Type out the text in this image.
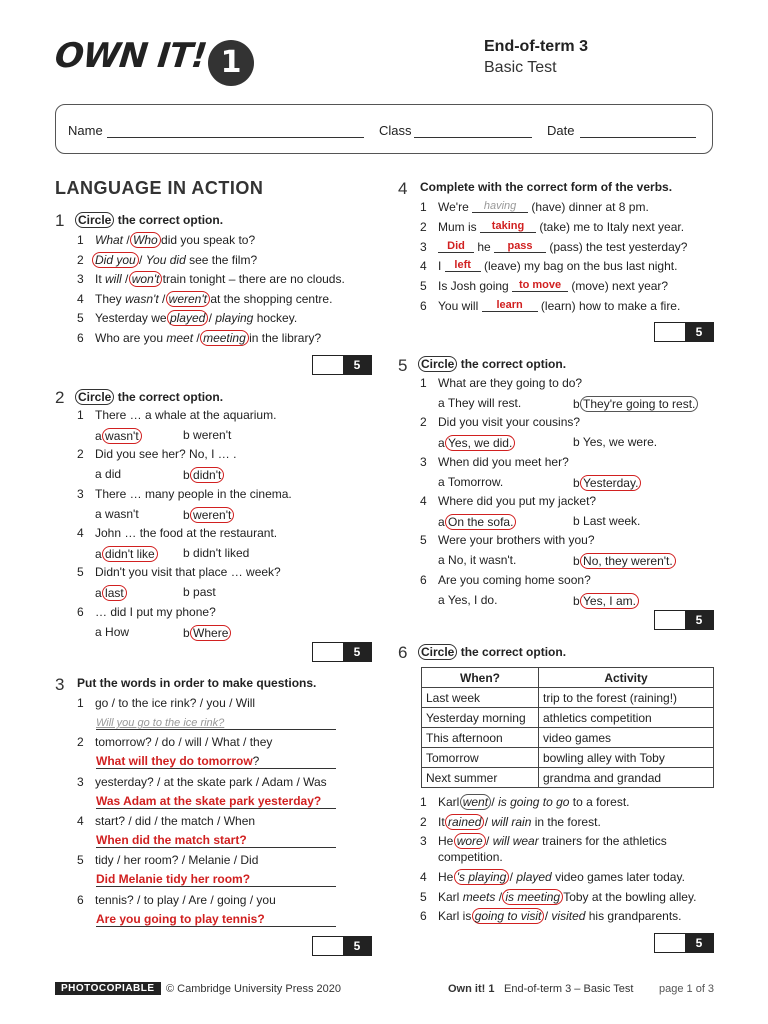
OWN IT! 1	End-of-term 3
Basic Test
Name	Class	Date
LANGUAGE IN ACTION
1 Circle the correct option.
5
2 Circle the correct option.
5
3 Put the words in order to make questions.
5
4 Complete with the correct form of the verbs.
5
5 Circle the correct option.
5
6 Circle the correct option.
When?	Activity
Last week	trip to the forest (raining!)
Yesterday morning	athletics competition
This afternoon	video games
Tomorrow	bowling alley with Toby
Next summer	grandma and grandad
5
PHOTOCOPIABLE	© Cambridge University Press 2020	Own it! 1 End-of-term 3 – Basic Test page 1 of 3
1 What / Who did you speak to?
2 Did you / You did see the film?
3 It will / won't train tonight – there are no clouds.
4 They wasn't / weren't at the shopping centre.
5 Yesterday we played / playing hockey.
6 Who are you meet / meeting in the library?
1 There … a whale at the aquarium.
a wasn't	b weren't
2 Did you see her? No, I … .
a did	b didn't
3 There … many people in the cinema.
a wasn't	b weren't
4 John … the food at the restaurant.
a didn't like b didn't liked
5 Didn't you visit that place … week?
a last	b past
6 … did I put my phone?
a How	b Where
1 What are they going to do?
a They will rest.	b They're going to rest.
2 Did you visit your cousins?
a Yes, we did.	b Yes, we were.
3 When did you meet her?
a Tomorrow.	b Yesterday.
4 Where did you put my jacket?
a On the sofa.	b Last week.
5 Were your brothers with you?
a No, it wasn't.	b No, they weren't.
6 Are you coming home soon?
a Yes, I do.	b Yes, I am.
1 go / to the ice rink? / you / Will
Will you go to the ice rink?
2 tomorrow? / do / will / What / they
What will they do tomorrow?
3 yesterday? / at the skate park / Adam / Was
Was Adam at the skate park yesterday?
4 start? / did / the match / When
When did the match start?
5 tidy / her room? / Melanie / Did
Did Melanie tidy her room?
6 tennis? / to play / Are / going / you
Are you going to play tennis?
1 We're having (have) dinner at 8 pm.
2 Mum is taking (take) me to Italy next year.
3 Did he pass (pass) the test yesterday?
4 I left (leave) my bag on the bus last night.
5 Is Josh going to move (move) next year?
6 You will learn (learn) how to make a fire.
1 Karl went / is going to go to a forest.
2 It rained / will rain in the forest.
3 He wore / will wear trainers for the athletics
competition.
4 He 's playing / played video games later today.
5 Karl meets / is meeting Toby at the bowling alley.
6 Karl is going to visit / visited his grandparents.
